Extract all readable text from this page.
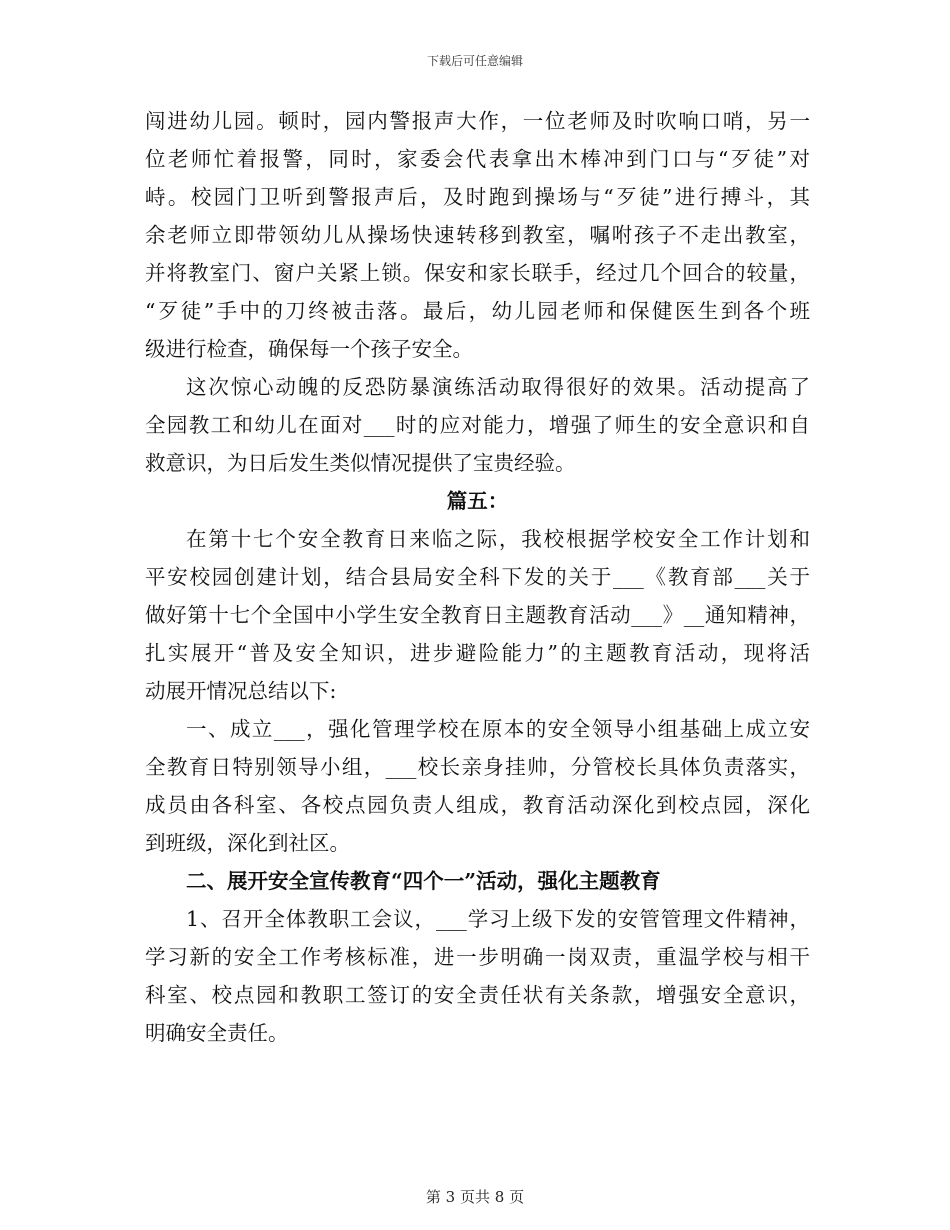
下载后可任意编辑
闯进幼儿园。顿时，园内警报声大作，一位老师及时吹响口哨，另一
位老师忙着报警，同时，家委会代表拿出木棒冲到门口与“歹徒”对
峙。校园门卫听到警报声后，及时跑到操场与“歹徒”进行搏斗，其
余老师立即带领幼儿从操场快速转移到教室，嘱咐孩子不走出教室，
并将教室门、窗户关紧上锁。保安和家长联手，经过几个回合的较量，
“歹徒”手中的刀终被击落。最后，幼儿园老师和保健医生到各个班
级进行检查，确保每一个孩子安全。
这次惊心动魄的反恐防暴演练活动取得很好的效果。活动提高了
全园教工和幼儿在面对___时的应对能力，增强了师生的安全意识和自
救意识，为日后发生类似情况提供了宝贵经验。
篇五：
在第十七个安全教育日来临之际，我校根据学校安全工作计划和
平安校园创建计划，结合县局安全科下发的关于___《教育部___关于
做好第十七个全国中小学生安全教育日主题教育活动___》__通知精神，
扎实展开“普及安全知识，进步避险能力”的主题教育活动，现将活
动展开情况总结以下:
一、成立___，强化管理学校在原本的安全领导小组基础上成立安
全教育日特别领导小组，___校长亲身挂帅，分管校长具体负责落实，
成员由各科室、各校点园负责人组成，教育活动深化到校点园，深化
到班级，深化到社区。
二、展开安全宣传教育“四个一”活动，强化主题教育
1、召开全体教职工会议，___学习上级下发的安管管理文件精神，
学习新的安全工作考核标准，进一步明确一岗双责，重温学校与相干
科室、校点园和教职工签订的安全责任状有关条款，增强安全意识，
明确安全责任。
第 3 页共 8 页
